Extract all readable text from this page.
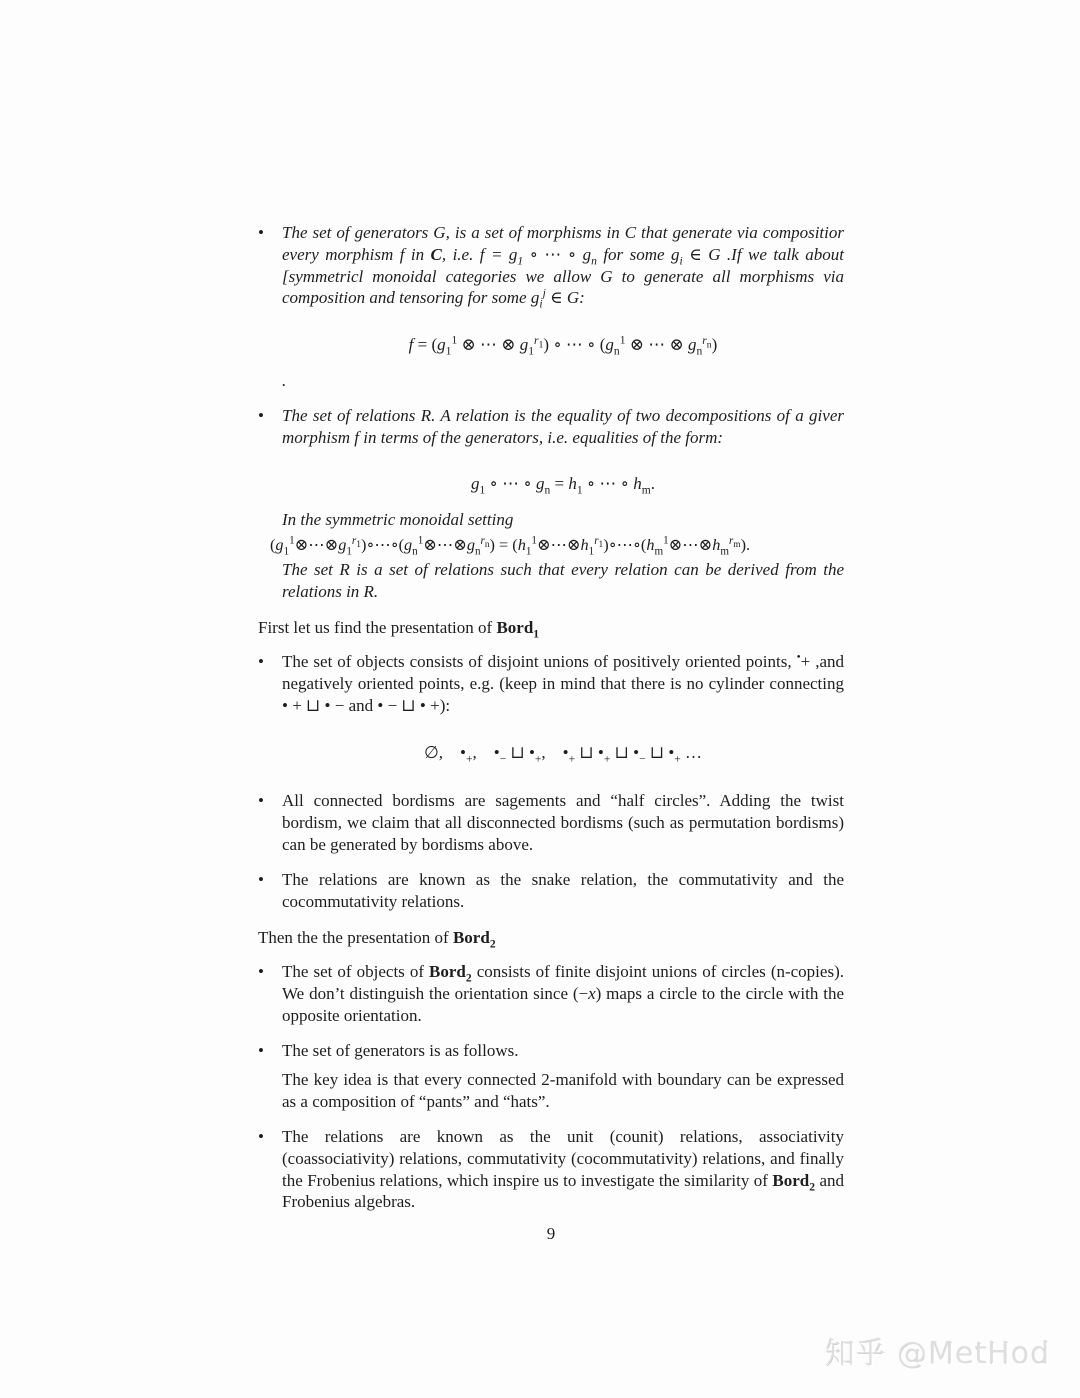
•	The set of generators G, is a set of morphisms in C that generate via compositior every morphism f in C, i.e. $f = g_1$ ∘ ⋯ ∘ $g_n$ for some $g_i$ ∈ G .If we talk about [symmetricl monoidal categories we allow G to generate all morphisms via composition and tensoring for some $g_i^j$ ∈ G:
$f = (g_1^1$ ⊗ ⋯ ⊗ $g_1^{r_1}$) ∘ ⋯ ∘ ($g_n^1$ ⊗ ⋯ ⊗ $g_n^{r_n}$)
.
•	The set of relations R. A relation is the equality of two decompositions of a giver morphism f in terms of the generators, i.e. equalities of the form:
$g_1$ ∘ ⋯ ∘ $g_n = h_1$ ∘ ⋯ ∘ $h_m$.
In the symmetric monoidal setting
$(g_1^1\otimes\cdots\otimes g_1^{r_1})\circ\cdots\circ(g_n^1\otimes\cdots\otimes g_n^{r_n})$ = $(h_1^1\otimes\cdots\otimes h_1^{r_1})\circ\cdots\circ(h_m^1\otimes\cdots\otimes h_m^{r_m})$.
The set R is a set of relations such that every relation can be derived from the relations in R.
First let us find the presentation of Bord$_1$
•	The set of objects consists of disjoint unions of positively oriented points, •+ ,and negatively oriented points, e.g. (keep in mind that there is no cylinder connecting • + ⊔ • − and • − ⊔ • +):
∅,    $•_+$,    $•_-$ ⊔ $•_+$,    $•_+$ ⊔ $•_+$ ⊔ $•_-$ ⊔ $•_+$ …
•	All connected bordisms are sagements and “half circles”. Adding the twist bordism, we claim that all disconnected bordisms (such as permutation bordisms) can be generated by bordisms above.
•	The relations are known as the snake relation, the commutativity and the cocommutativity relations.
Then the the presentation of Bord$_2$
•	The set of objects of Bord$_2$ consists of finite disjoint unions of circles (n-copies). We don’t distinguish the orientation since (−x) maps a circle to the circle with the opposite orientation.
•	The set of generators is as follows.
The key idea is that every connected 2-manifold with boundary can be expressed as a composition of “pants” and “hats”.
•	The relations are known as the unit (counit) relations, associativity (coassociativity) relations, commutativity (cocommutativity) relations, and finally the Frobenius relations, which inspire us to investigate the similarity of Bord$_2$ and Frobenius algebras.
9
知乎 @MetHod
